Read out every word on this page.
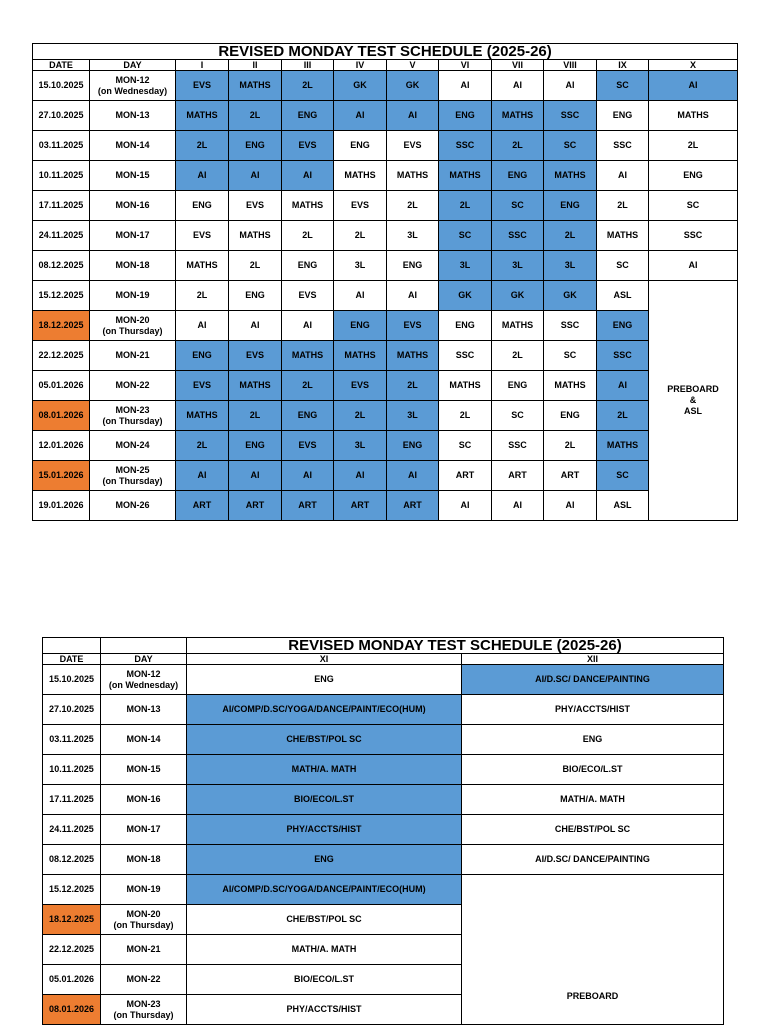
REVISED MONDAY TEST SCHEDULE (2025-26)											
DATE	DAY	I	II	III	IV	V	VI	VII	VIII	IX	X
15.10.2025	MON-12
(on Wednesday)	EVS	MATHS	2L	GK	GK	AI	AI	AI	SC	AI
27.10.2025	MON-13	MATHS	2L	ENG	AI	AI	ENG	MATHS	SSC	ENG	MATHS
03.11.2025	MON-14	2L	ENG	EVS	ENG	EVS	SSC	2L	SC	SSC	2L
10.11.2025	MON-15	AI	AI	AI	MATHS	MATHS	MATHS	ENG	MATHS	AI	ENG
17.11.2025	MON-16	ENG	EVS	MATHS	EVS	2L	2L	SC	ENG	2L	SC
24.11.2025	MON-17	EVS	MATHS	2L	2L	3L	SC	SSC	2L	MATHS	SSC
08.12.2025	MON-18	MATHS	2L	ENG	3L	ENG	3L	3L	3L	SC	AI
15.12.2025	MON-19	2L	ENG	EVS	AI	AI	GK	GK	GK	ASL	PREBOARD
&
ASL

18.12.2025	MON-20
(on Thursday)	AI	AI	AI	ENG	EVS	ENG	MATHS	SSC	ENG	
22.12.2025	MON-21	ENG	EVS	MATHS	MATHS	MATHS	SSC	2L	SC	SSC	
05.01.2026	MON-22	EVS	MATHS	2L	EVS	2L	MATHS	ENG	MATHS	AI	
08.01.2026	MON-23
(on Thursday)	MATHS	2L	ENG	2L	3L	2L	SC	ENG	2L	
12.01.2026	MON-24	2L	ENG	EVS	3L	ENG	SC	SSC	2L	MATHS	
15.01.2026	MON-25
(on Thursday)	AI	AI	AI	AI	AI	ART	ART	ART	SC	
19.01.2026	MON-26	ART	ART	ART	ART	ART	AI	AI	AI	ASL	
		REVISED MONDAY TEST SCHEDULE (2025-26)	
DATE	DAY	XI	XII
15.10.2025	MON-12
(on Wednesday)	ENG	AI/D.SC/ DANCE/PAINTING
27.10.2025	MON-13	AI/COMP/D.SC/YOGA/DANCE/PAINT/ECO(HUM)	PHY/ACCTS/HIST
03.11.2025	MON-14	CHE/BST/POL SC	ENG
10.11.2025	MON-15	MATH/A. MATH	BIO/ECO/L.ST
17.11.2025	MON-16	BIO/ECO/L.ST	MATH/A. MATH
24.11.2025	MON-17	PHY/ACCTS/HIST	CHE/BST/POL SC
08.12.2025	MON-18	ENG	AI/D.SC/ DANCE/PAINTING
15.12.2025	MON-19	AI/COMP/D.SC/YOGA/DANCE/PAINT/ECO(HUM)	PREBOARD

18.12.2025	MON-20
(on Thursday)	CHE/BST/POL SC	
22.12.2025	MON-21	MATH/A. MATH	
05.01.2026	MON-22	BIO/ECO/L.ST	
08.01.2026	MON-23
(on Thursday)	PHY/ACCTS/HIST	
